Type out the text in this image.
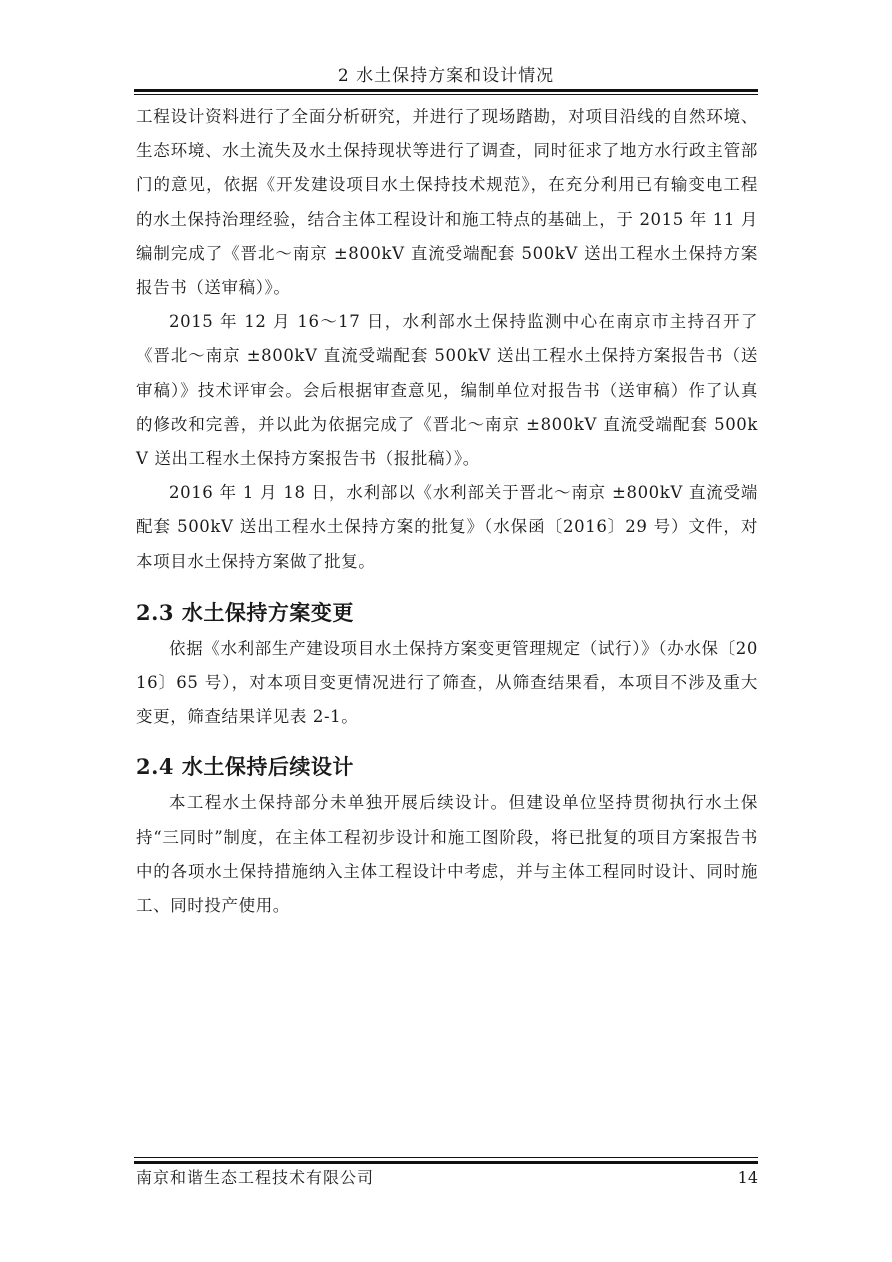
2 水土保持方案和设计情况

工程设计资料进行了全面分析研究，并进行了现场踏勘，对项目沿线的自然环境、生态环境、水土流失及水土保持现状等进行了调查，同时征求了地方水行政主管部门的意见，依据《开发建设项目水土保持技术规范》，在充分利用已有输变电工程的水土保持治理经验，结合主体工程设计和施工特点的基础上，于 2015 年 11 月编制完成了《晋北～南京 ±800kV 直流受端配套 500kV 送出工程水土保持方案报告书（送审稿）》。

2015 年 12 月 16～17 日，水利部水土保持监测中心在南京市主持召开了《晋北～南京 ±800kV 直流受端配套 500kV 送出工程水土保持方案报告书（送审稿）》技术评审会。会后根据审查意见，编制单位对报告书（送审稿）作了认真的修改和完善，并以此为依据完成了《晋北～南京 ±800kV 直流受端配套 500kV 送出工程水土保持方案报告书（报批稿）》。

2016 年 1 月 18 日，水利部以《水利部关于晋北～南京 ±800kV 直流受端配套 500kV 送出工程水土保持方案的批复》（水保函〔2016〕29 号）文件，对本项目水土保持方案做了批复。

2.3 水土保持方案变更

依据《水利部生产建设项目水土保持方案变更管理规定（试行）》（办水保〔2016〕65 号），对本项目变更情况进行了筛查，从筛查结果看，本项目不涉及重大变更，筛查结果详见表 2-1。

2.4 水土保持后续设计

本工程水土保持部分未单独开展后续设计。但建设单位坚持贯彻执行水土保持“三同时”制度，在主体工程初步设计和施工图阶段，将已批复的项目方案报告书中的各项水土保持措施纳入主体工程设计中考虑，并与主体工程同时设计、同时施工、同时投产使用。

南京和谐生态工程技术有限公司	14
